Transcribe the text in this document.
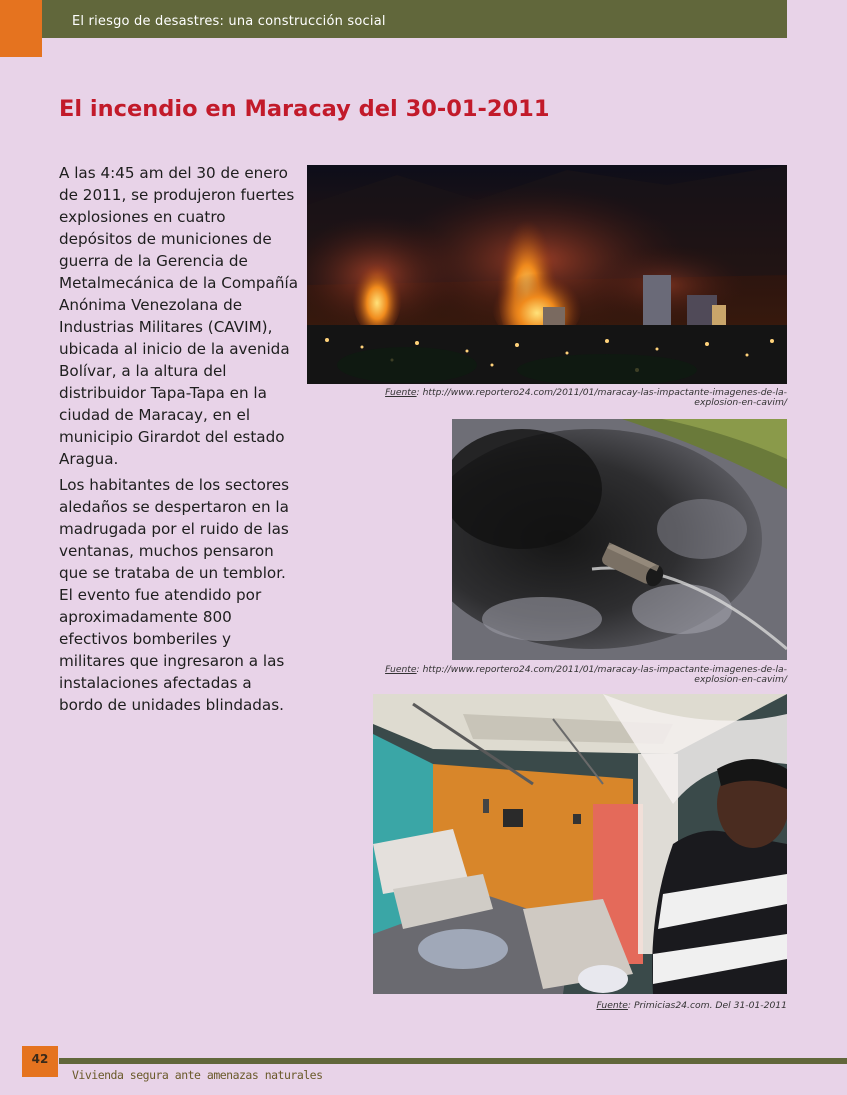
El riesgo de desastres: una construcción social
El incendio en Maracay del 30-01-2011

A las 4:45 am del 30 de enero de 2011, se produjeron fuertes explosiones en cuatro depósitos de municiones de guerra de la Gerencia de Metalmecánica de la Compañía Anónima Venezolana de Industrias Militares (CAVIM), ubicada al inicio de la avenida Bolívar, a la altura del distribuidor Tapa-Tapa en la ciudad de Maracay, en el municipio Girardot del estado Aragua.

Los habitantes de los sectores aledaños se despertaron en la madrugada por el ruido de las ventanas, muchos pensaron que se trataba de un temblor. El evento fue atendido por aproximadamente 800 efectivos bomberiles y militares que ingresaron a las instalaciones afectadas a bordo de unidades blindadas.

Fuente: http://www.reportero24.com/2011/01/maracay-las-impactante-imagenes-de-la-explosion-en-cavim/
Fuente: http://www.reportero24.com/2011/01/maracay-las-impactante-imagenes-de-la-explosion-en-cavim/
Fuente: Primicias24.com. Del 31-01-2011
42
Vivienda segura ante amenazas naturales
